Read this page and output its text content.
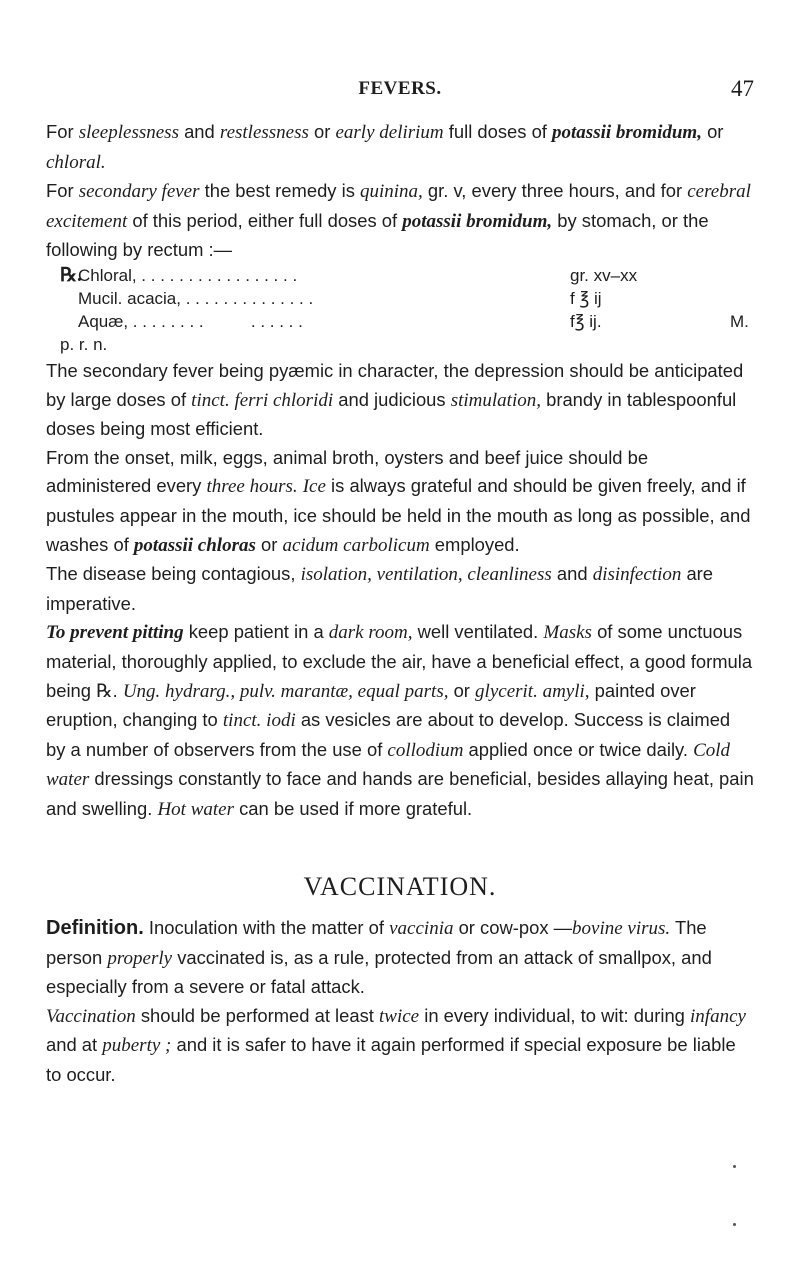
FEVERS.	47

For sleeplessness and restlessness or early delirium full doses of potassii bromidum, or chloral.

For secondary fever the best remedy is quinina, gr. v, every three hours, and for cerebral excitement of this period, either full doses of potassii bromidum, by stomach, or the following by rectum :—

℞.
Chloral, . . . . . . . . . . . . . . . . .	gr. xv–xx
Mucil. acacia, . . . . . . . . . . . . . .	f ℥ ij
Aquæ, . . . . . . . .          . . . . . .	f℥ ij.	M.
p. r. n.

The secondary fever being pyæmic in character, the depression should be anticipated by large doses of tinct. ferri chloridi and judicious stimulation, brandy in tablespoonful doses being most efficient.

From the onset, milk, eggs, animal broth, oysters and beef juice should be administered every three hours. Ice is always grateful and should be given freely, and if pustules appear in the mouth, ice should be held in the mouth as long as possible, and washes of potassii chloras or acidum carbolicum employed.

The disease being contagious, isolation, ventilation, cleanliness and disinfection are imperative.

To prevent pitting keep patient in a dark room, well ventilated. Masks of some unctuous material, thoroughly applied, to exclude the air, have a beneficial effect, a good formula being ℞. Ung. hydrarg., pulv. marantæ, equal parts, or glycerit. amyli, painted over eruption, changing to tinct. iodi as vesicles are about to develop. Success is claimed by a number of observers from the use of collodium applied once or twice daily. Cold water dressings constantly to face and hands are beneficial, besides allaying heat, pain and swelling. Hot water can be used if more grateful.

VACCINATION.

Definition. Inoculation with the matter of vaccinia or cow-pox —bovine virus. The person properly vaccinated is, as a rule, protected from an attack of smallpox, and especially from a severe or fatal attack.

Vaccination should be performed at least twice in every individual, to wit: during infancy and at puberty ; and it is safer to have it again performed if special exposure be liable to occur.
